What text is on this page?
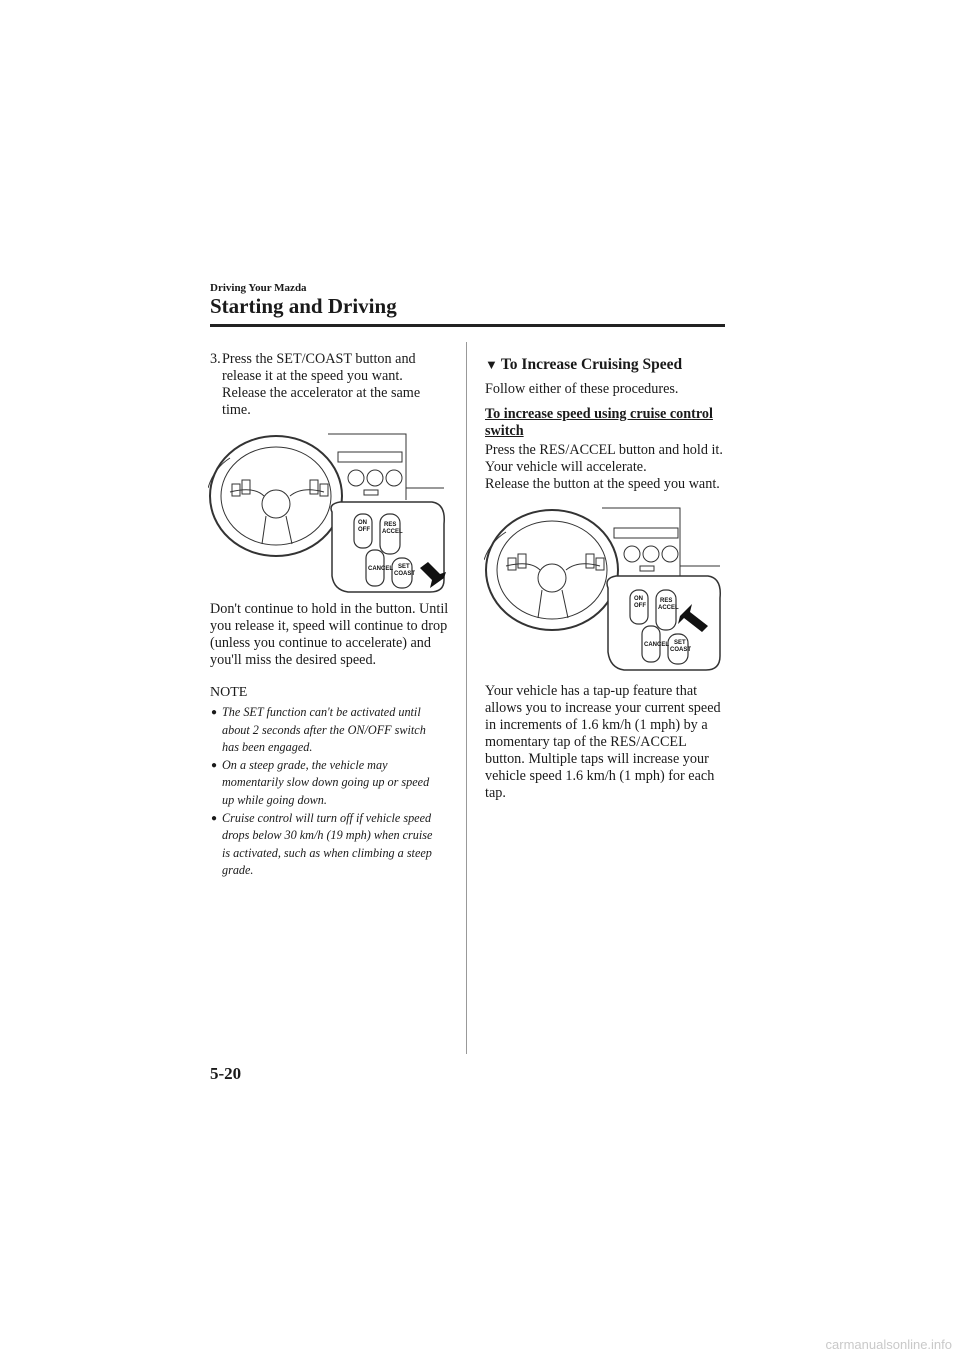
Driving Your Mazda
Starting and Driving
3.Press the SET/COAST button and
release it at the speed you want.
Release the accelerator at the same
time.
ON
OFF
RES
ACCEL
CANCEL SET
COAST
Don't continue to hold in the button. Until
you release it, speed will continue to drop
(unless you continue to accelerate) and
you'll miss the desired speed.
NOTE
● The SET function can't be activated until
about 2 seconds after the ON/OFF switch
has been engaged.
● On a steep grade, the vehicle may
momentarily slow down going up or speed
up while going down.
● Cruise control will turn off if vehicle speed
drops below 30 km/h (19 mph) when cruise
is activated, such as when climbing a steep
grade.
▼ To Increase Cruising Speed
Follow either of these procedures.
To increase speed using cruise control
switch
Press the RES/ACCEL button and hold it.
Your vehicle will accelerate.
Release the button at the speed you want.
ON
OFF
RES
ACCEL
CANCEL SET
COAST
Your vehicle has a tap-up feature that
allows you to increase your current speed
in increments of 1.6 km/h (1 mph) by a
momentary tap of the RES/ACCEL
button. Multiple taps will increase your
vehicle speed 1.6 km/h (1 mph) for each
tap.
5-20
carmanualsonline.info
